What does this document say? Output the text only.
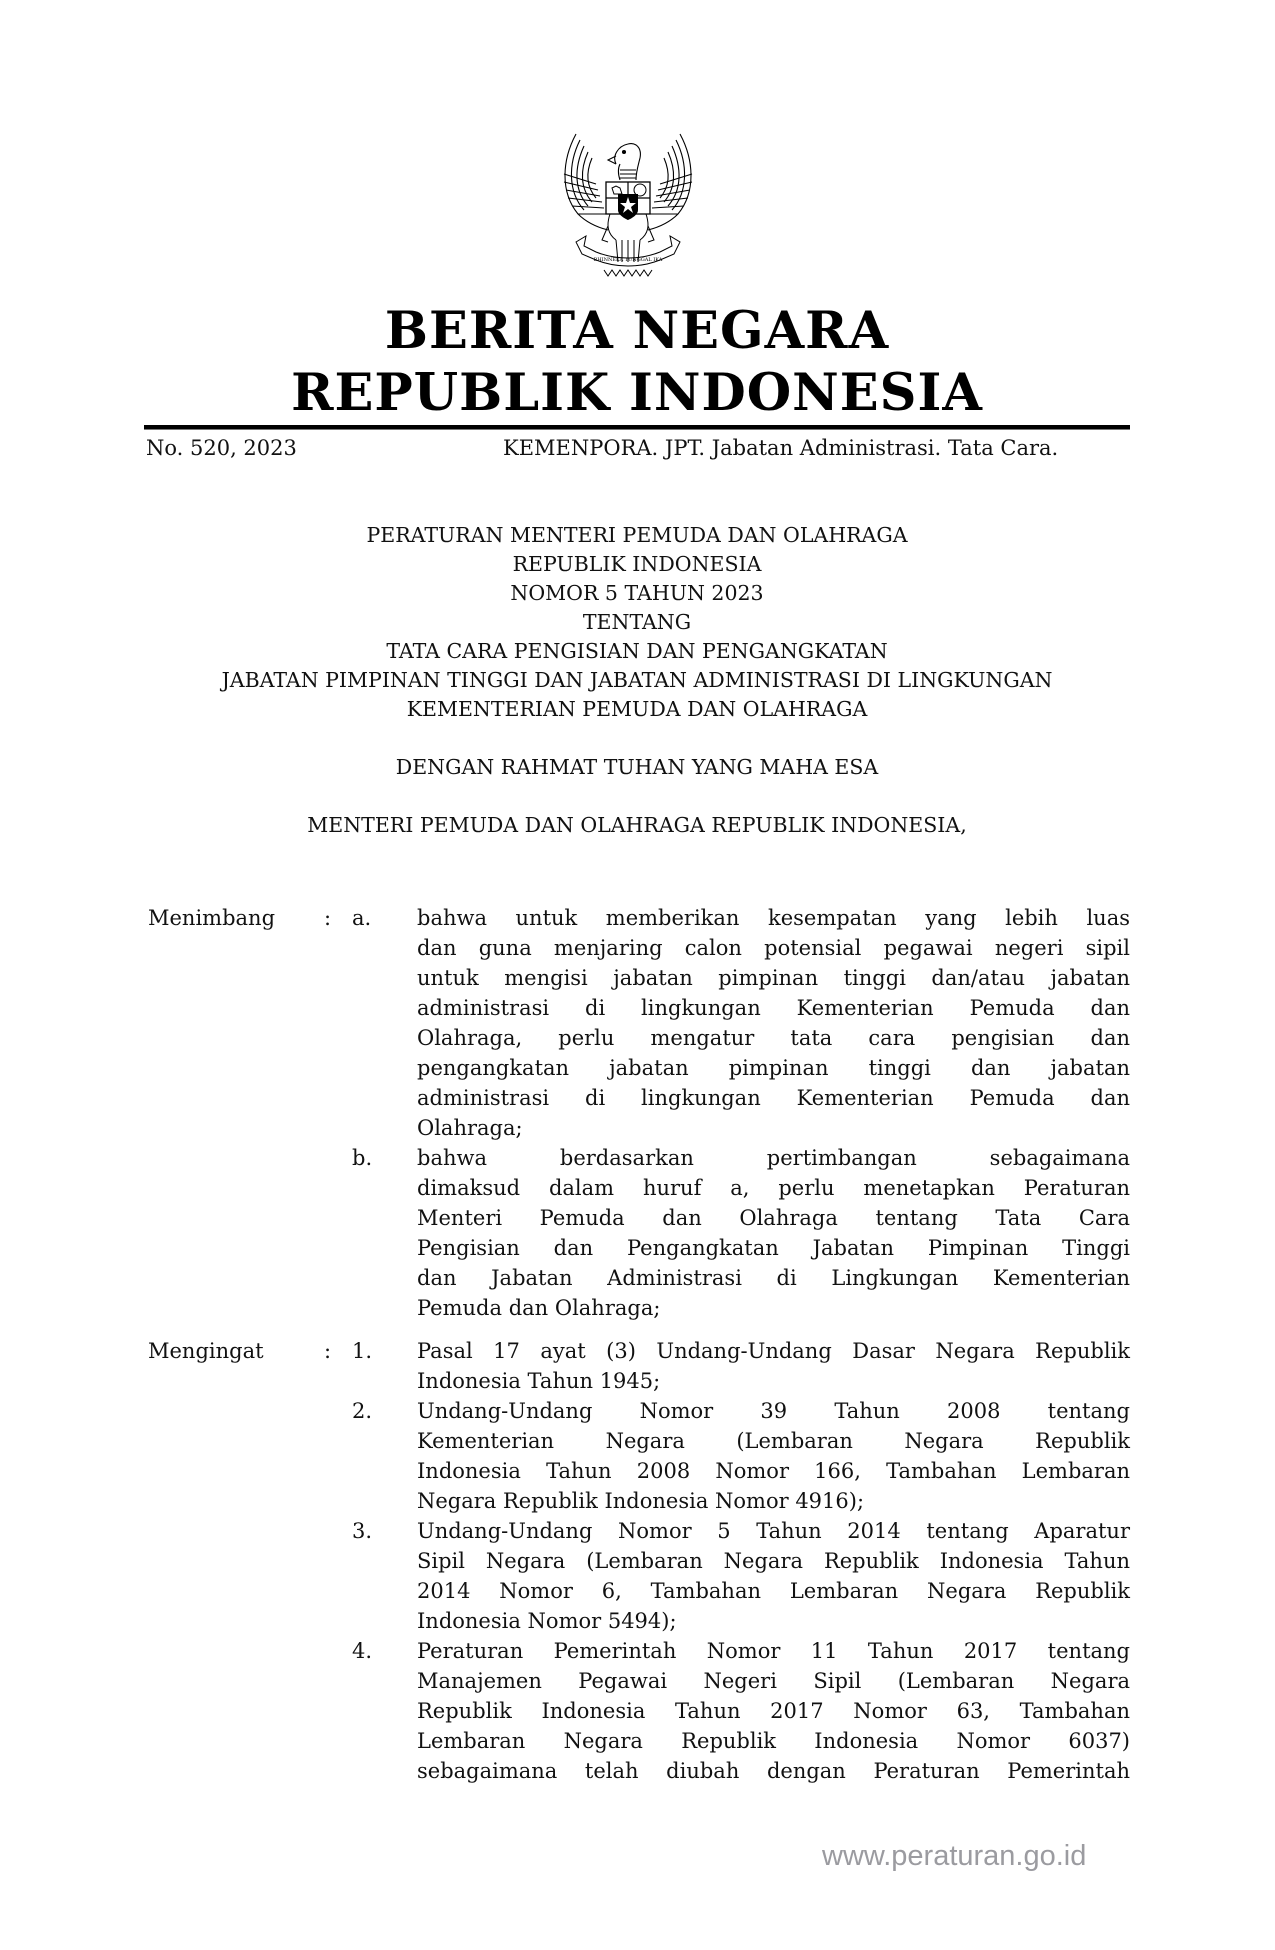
BHINNEKA TUNGGAL IKA
BERITA NEGARA
REPUBLIK INDONESIA
No. 520, 2023	KEMENPORA. JPT. Jabatan Administrasi. Tata Cara.
PERATURAN MENTERI PEMUDA DAN OLAHRAGA
REPUBLIK INDONESIA
NOMOR 5 TAHUN 2023
TENTANG
TATA CARA PENGISIAN DAN PENGANGKATAN
JABATAN PIMPINAN TINGGI DAN JABATAN ADMINISTRASI DI LINGKUNGAN
KEMENTERIAN PEMUDA DAN OLAHRAGA
DENGAN RAHMAT TUHAN YANG MAHA ESA
MENTERI PEMUDA DAN OLAHRAGA REPUBLIK INDONESIA,
Menimbang : a. bahwa untuk memberikan kesempatan yang lebih luas
dan guna menjaring calon potensial pegawai negeri sipil
untuk mengisi jabatan pimpinan tinggi dan/atau jabatan
administrasi di lingkungan Kementerian Pemuda dan
Olahraga, perlu mengatur tata cara pengisian dan
pengangkatan jabatan pimpinan tinggi dan jabatan
administrasi di lingkungan Kementerian Pemuda dan
Olahraga;
b. bahwa berdasarkan pertimbangan sebagaimana
dimaksud dalam huruf a, perlu menetapkan Peraturan
Menteri Pemuda dan Olahraga tentang Tata Cara
Pengisian dan Pengangkatan Jabatan Pimpinan Tinggi
dan Jabatan Administrasi di Lingkungan Kementerian
Pemuda dan Olahraga;
Mengingat	: 1. Pasal 17 ayat (3) Undang-Undang Dasar Negara Republik
Indonesia Tahun 1945;
2. Undang-Undang Nomor 39 Tahun 2008 tentang
Kementerian Negara (Lembaran Negara Republik
Indonesia Tahun 2008 Nomor 166, Tambahan Lembaran
Negara Republik Indonesia Nomor 4916);
3. Undang-Undang Nomor 5 Tahun 2014 tentang Aparatur
Sipil Negara (Lembaran Negara Republik Indonesia Tahun
2014 Nomor 6, Tambahan Lembaran Negara Republik
Indonesia Nomor 5494);
4. Peraturan Pemerintah Nomor 11 Tahun 2017 tentang
Manajemen Pegawai Negeri Sipil (Lembaran Negara
Republik Indonesia Tahun 2017 Nomor 63, Tambahan
Lembaran Negara Republik Indonesia Nomor 6037)
sebagaimana telah diubah dengan Peraturan Pemerintah
www.peraturan.go.id
